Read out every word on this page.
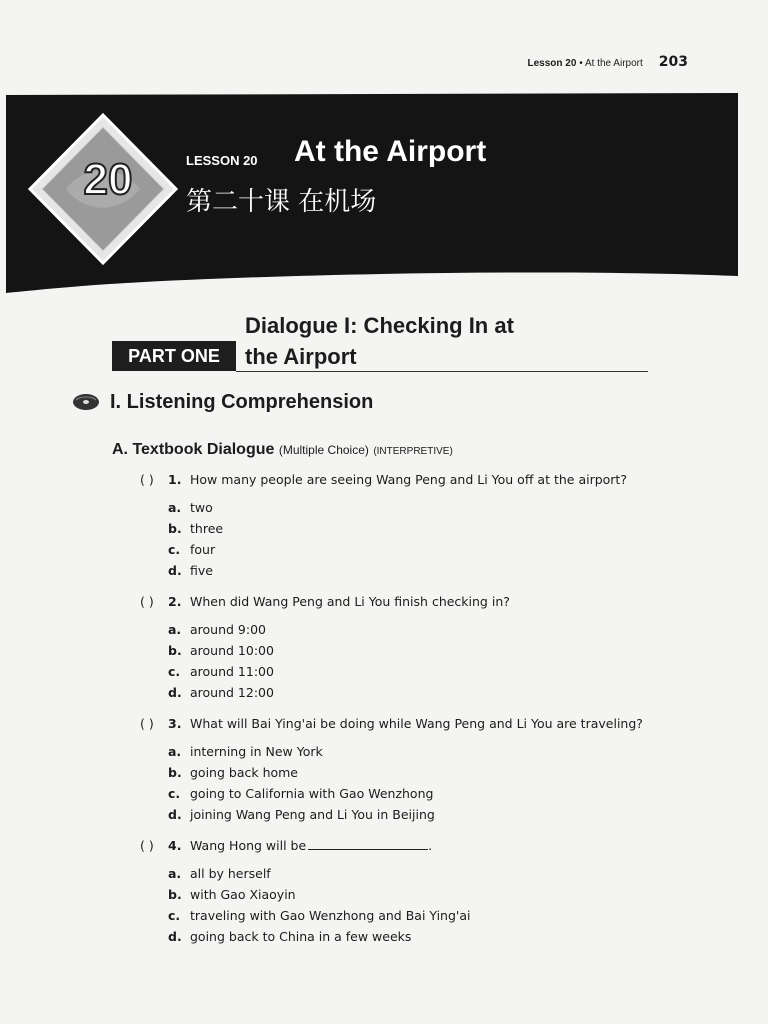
Lesson 20 • At the Airport 203
20	LESSON 20 At the Airport
第二十课 在机场
Dialogue I: Checking In at
the Airport
PART ONE
I. Listening Comprehension
A. Textbook Dialogue (Multiple Choice) (INTERPRETIVE)
( )	1. How many people are seeing Wang Peng and Li You off at the airport?
a. two
b. three
c. four
d. five
( )	2. When did Wang Peng and Li You finish checking in?
a. around 9:00
b. around 10:00
c. around 11:00
d. around 12:00
( )	3. What will Bai Ying'ai be doing while Wang Peng and Li You are traveling?
a. interning in New York
b. going back home
c. going to California with Gao Wenzhong
d. joining Wang Peng and Li You in Beijing
( )	4. Wang Hong will be	.
a. all by herself
b. with Gao Xiaoyin
c. traveling with Gao Wenzhong and Bai Ying'ai
d. going back to China in a few weeks
